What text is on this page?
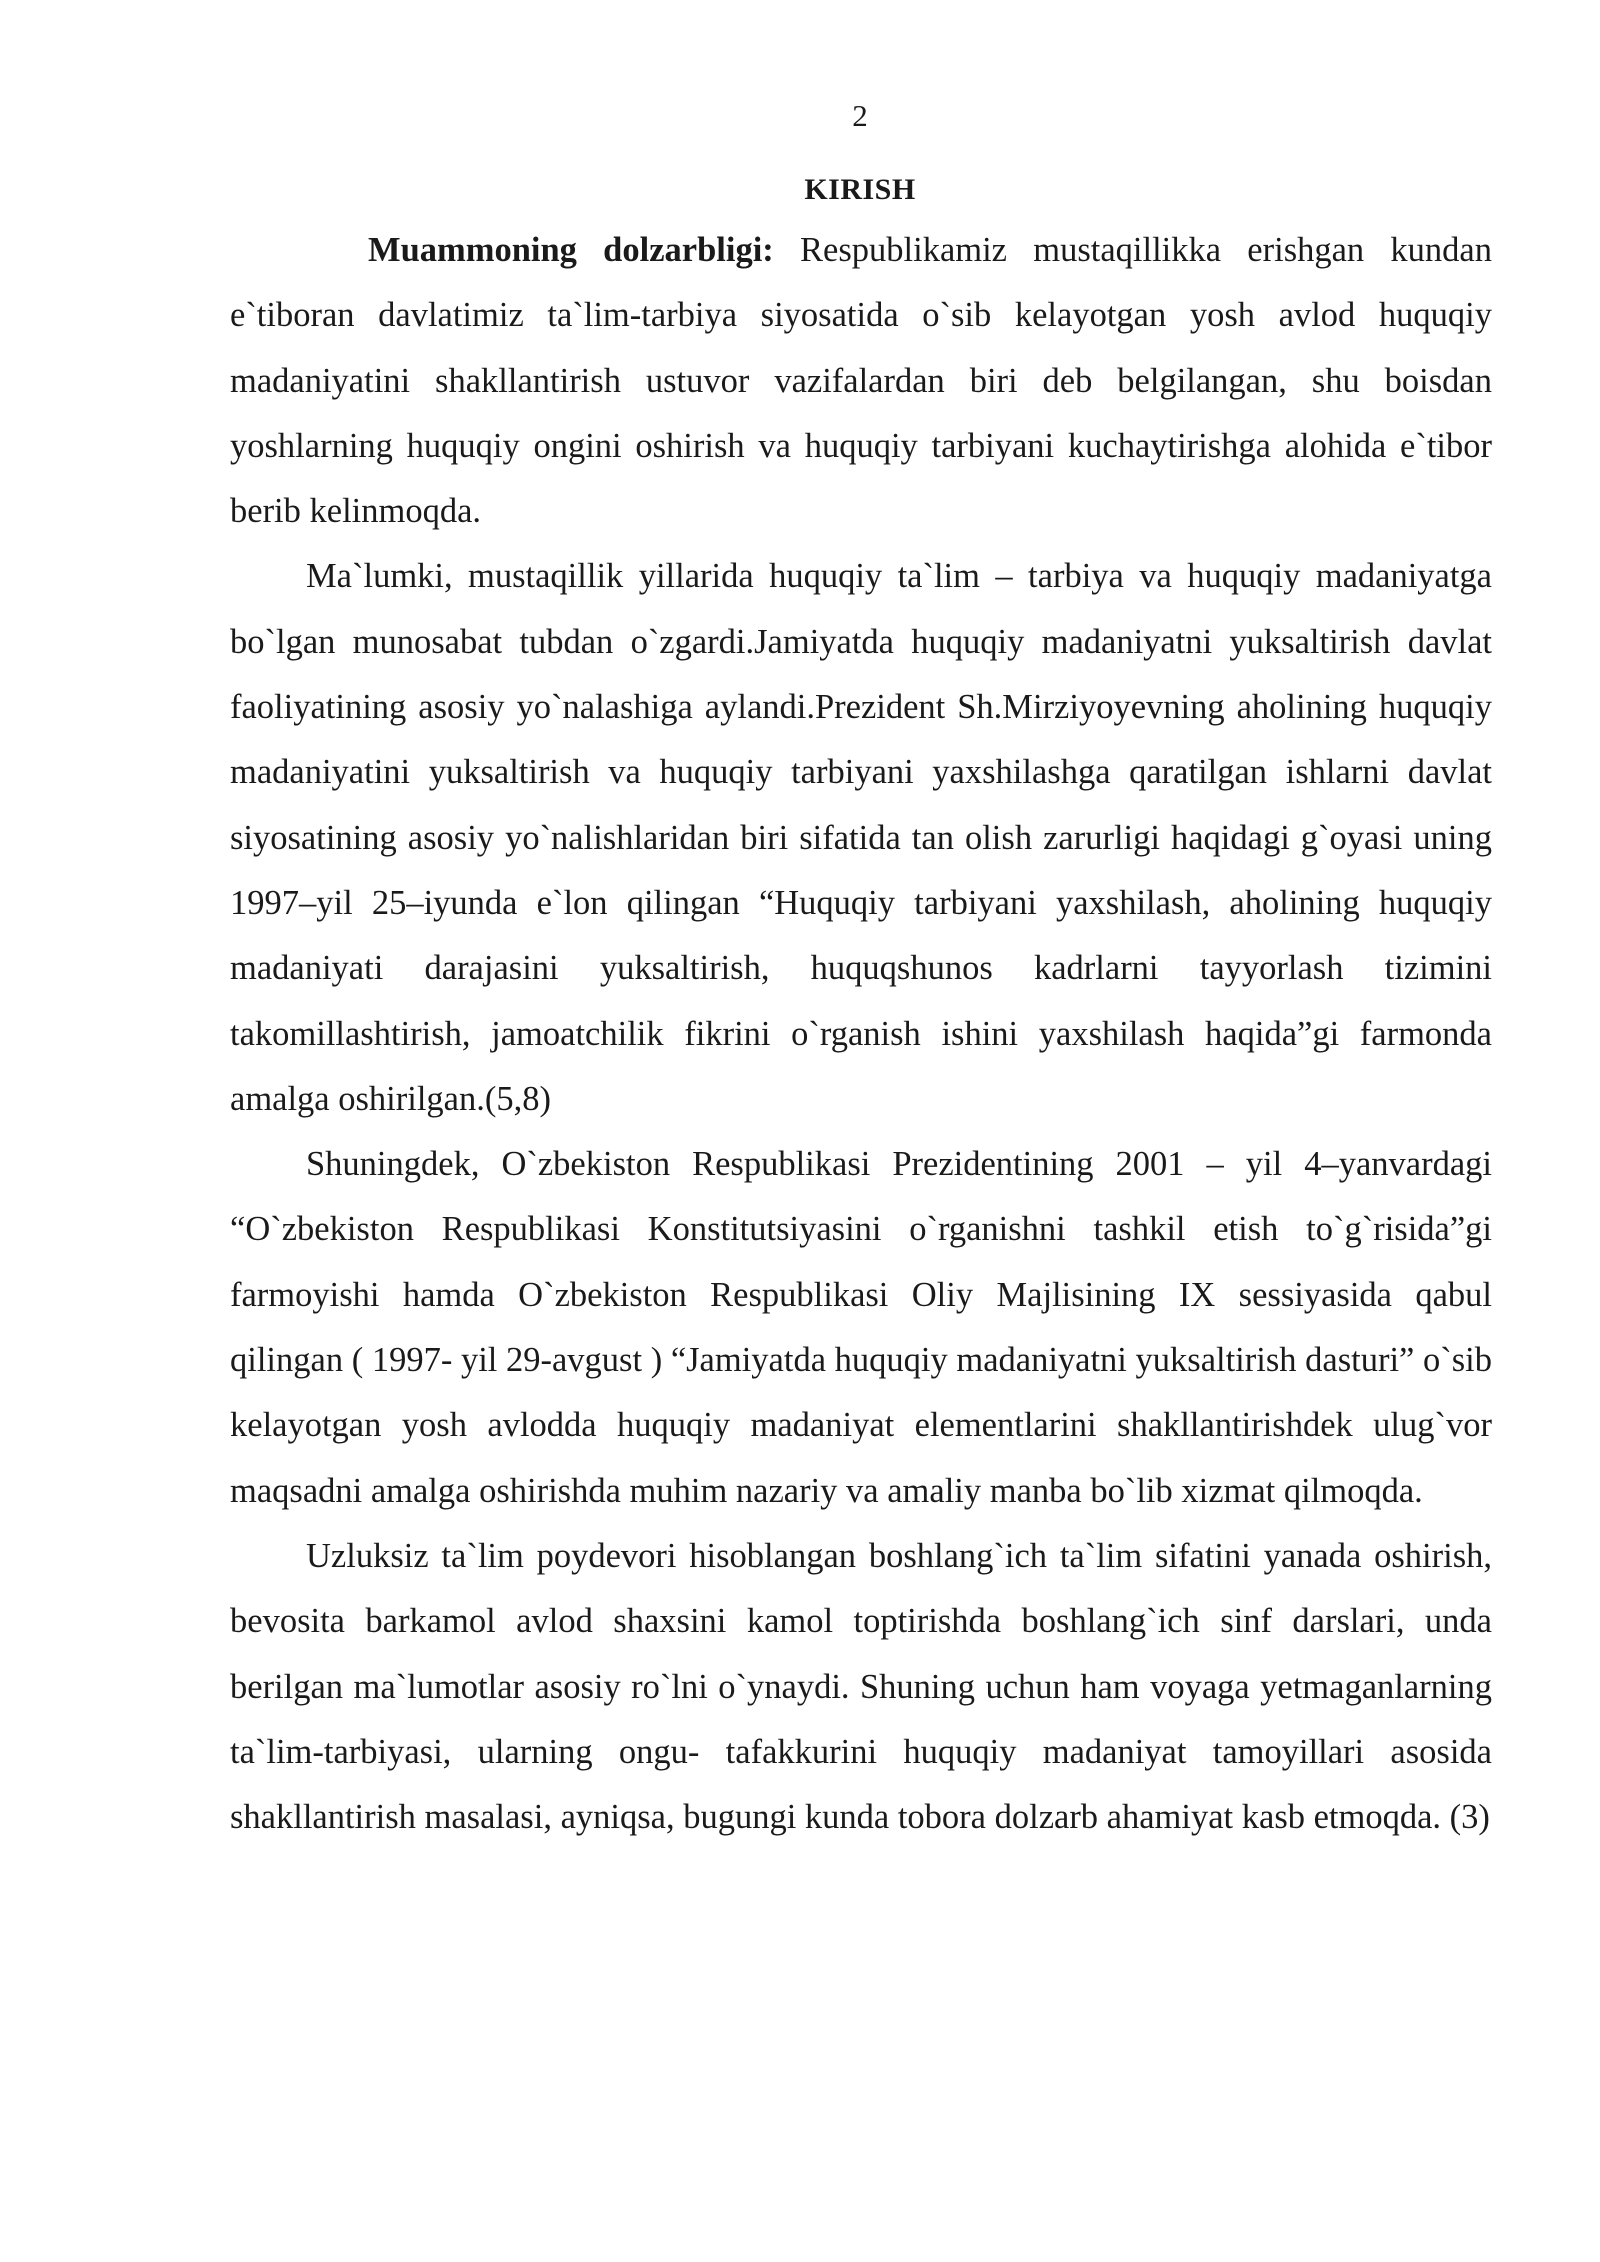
2
KIRISH

Muammoning dolzarbligi: Respublikamiz mustaqillikka erishgan kundan e`tiboran davlatimiz ta`lim-tarbiya siyosatida o`sib kelayotgan yosh avlod huquqiy madaniyatini shakllantirish ustuvor vazifalardan biri deb belgilangan, shu boisdan yoshlarning huquqiy ongini oshirish va huquqiy tarbiyani kuchaytirishga alohida e`tibor berib kelinmoqda.

Ma`lumki, mustaqillik yillarida huquqiy ta`lim – tarbiya va huquqiy madaniyatga bo`lgan munosabat tubdan o`zgardi.Jamiyatda huquqiy madaniyatni yuksaltirish davlat faoliyatining asosiy yo`nalashiga aylandi.Prezident Sh.Mirziyoyevning aholining huquqiy madaniyatini yuksaltirish va huquqiy tarbiyani yaxshilashga qaratilgan ishlarni davlat siyosatining asosiy yo`nalishlaridan biri sifatida tan olish zarurligi haqidagi g`oyasi uning 1997–yil 25–iyunda e`lon qilingan “Huquqiy tarbiyani yaxshilash, aholining huquqiy madaniyati darajasini yuksaltirish, huquqshunos kadrlarni tayyorlash tizimini takomillashtirish, jamoatchilik fikrini o`rganish ishini yaxshilash haqida”gi farmonda amalga oshirilgan.(5,8)

Shuningdek, O`zbekiston Respublikasi Prezidentining 2001 – yil 4–yanvardagi “O`zbekiston Respublikasi Konstitutsiyasini o`rganishni tashkil etish to`g`risida”gi farmoyishi hamda O`zbekiston Respublikasi Oliy Majlisining IX sessiyasida qabul qilingan ( 1997- yil 29-avgust ) “Jamiyatda huquqiy madaniyatni yuksaltirish dasturi” o`sib kelayotgan yosh avlodda huquqiy madaniyat elementlarini shakllantirishdek ulug`vor maqsadni amalga oshirishda muhim nazariy va amaliy manba bo`lib xizmat qilmoqda.

Uzluksiz ta`lim poydevori hisoblangan boshlang`ich ta`lim sifatini yanada oshirish, bevosita barkamol avlod shaxsini kamol toptirishda boshlang`ich sinf darslari, unda berilgan ma`lumotlar asosiy ro`lni o`ynaydi. Shuning uchun ham voyaga yetmaganlarning ta`lim-tarbiyasi, ularning ongu- tafakkurini huquqiy madaniyat tamoyillari asosida shakllantirish masalasi, ayniqsa, bugungi kunda tobora dolzarb ahamiyat kasb etmoqda. (3)
